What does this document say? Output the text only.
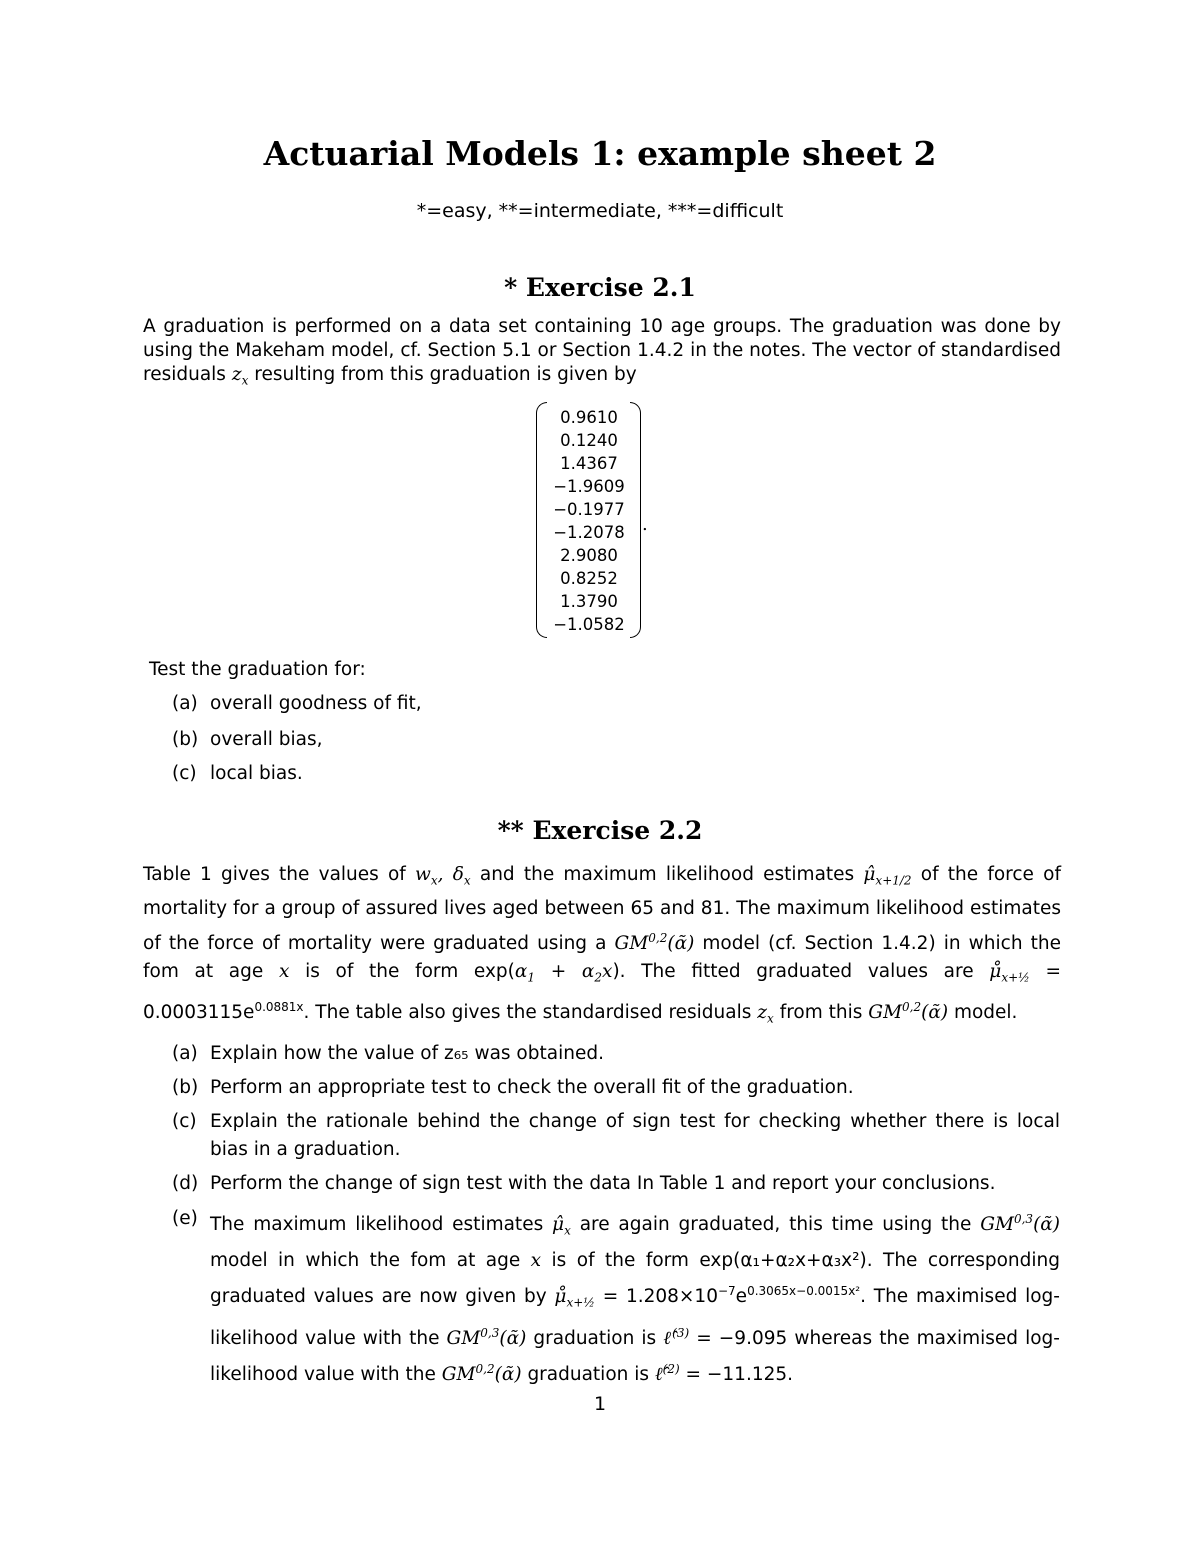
Actuarial Models 1: example sheet 2
*=easy, **=intermediate, ***=difficult
* Exercise 2.1
A graduation is performed on a data set containing 10 age groups. The graduation was done by using the Makeham model, cf. Section 5.1 or Section 1.4.2 in the notes. The vector of standardised residuals $z_x$ resulting from this graduation is given by
0.9610
0.1240
1.4367
−1.9609
−0.1977
−1.2078
2.9080
0.8252
1.3790
−1.0582
.
Test the graduation for:
(a) overall goodness of fit,
(b) overall bias,
(c) local bias.
** Exercise 2.2
Table 1 gives the values of $w_x$, $\delta_x$ and the maximum likelihood estimates $\mû_{x+1/2}$ of the force of mortality for a group of assured lives aged between 65 and 81. The maximum likelihood estimates of the force of mortality were graduated using a GM$^{0,2}$(ᾶ) model (cf. Section 1.4.2) in which the fom at age x is of the form $\exp(\alpha_1 + \alpha_2x)$. The fitted graduated values are $\mů_{x+\frac{1}{2}} = 0.0003115e^{0.0881x}$. The table also gives the standardised residuals $z_x$ from this GM$^{0,2}$(ᾶ) model.
(a) Explain how the value of z₆₅ was obtained.
(b) Perform an appropriate test to check the overall fit of the graduation.
(c) Explain the rationale behind the change of sign test for checking whether there is local bias in a graduation.
(d) Perform the change of sign test with the data In Table 1 and report your conclusions.
(e) The maximum likelihood estimates $\mû_x$ are again graduated, this time using the GM$^{0,3}$(ᾶ) model in which the fom at age x is of the form exp(α₁+α₂x+α₃x²). The corresponding graduated values are now given by $\mů_{x+\frac{1}{2}} = 1.208\times 10^{-7}e^{0.3065x-0.0015x^2}$. The maximised log-likelihood value with the GM$^{0,3}$(ᾶ) graduation is ℓ̂$^{(3)}$ = −9.095 whereas the maximised log-likelihood value with the GM$^{0,2}$(ᾶ) graduation is ℓ̂$^{(2)}$ = −11.125.
1
